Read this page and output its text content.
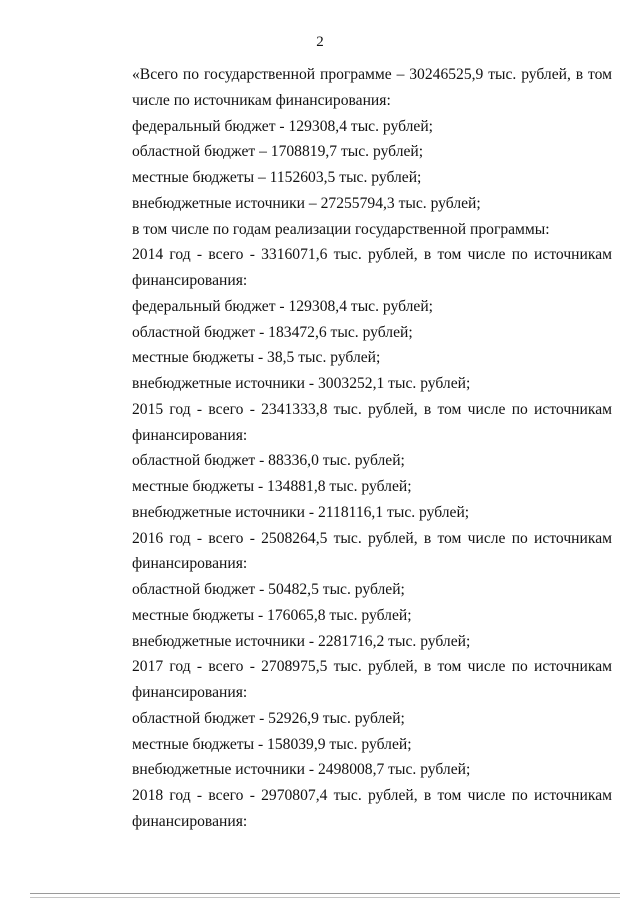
2
«Всего по государственной программе – 30246525,9 тыс. рублей, в том
числе по источникам финансирования:
федеральный бюджет - 129308,4 тыс. рублей;
областной бюджет – 1708819,7 тыс. рублей;
местные бюджеты – 1152603,5 тыс. рублей;
внебюджетные источники – 27255794,3 тыс. рублей;
в том числе по годам реализации государственной программы:
2014 год - всего - 3316071,6 тыс. рублей, в том числе по источникам
финансирования:
федеральный бюджет - 129308,4 тыс. рублей;
областной бюджет - 183472,6 тыс. рублей;
местные бюджеты - 38,5 тыс. рублей;
внебюджетные источники - 3003252,1 тыс. рублей;
2015 год - всего - 2341333,8 тыс. рублей, в том числе по источникам
финансирования:
областной бюджет - 88336,0 тыс. рублей;
местные бюджеты - 134881,8 тыс. рублей;
внебюджетные источники - 2118116,1 тыс. рублей;
2016 год - всего - 2508264,5 тыс. рублей, в том числе по источникам
финансирования:
областной бюджет - 50482,5 тыс. рублей;
местные бюджеты - 176065,8 тыс. рублей;
внебюджетные источники - 2281716,2 тыс. рублей;
2017 год - всего - 2708975,5 тыс. рублей, в том числе по источникам
финансирования:
областной бюджет - 52926,9 тыс. рублей;
местные бюджеты - 158039,9 тыс. рублей;
внебюджетные источники - 2498008,7 тыс. рублей;
2018 год - всего - 2970807,4 тыс. рублей, в том числе по источникам
финансирования:
